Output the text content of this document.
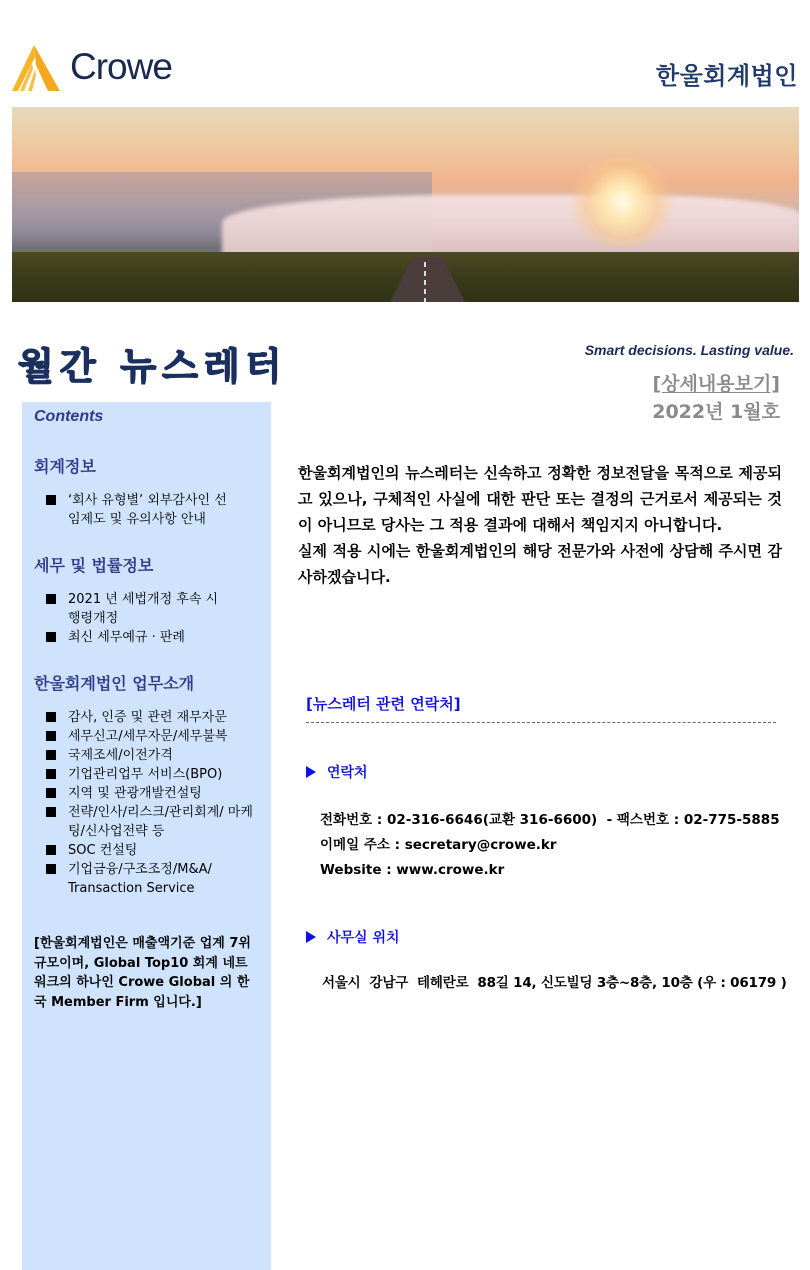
Crowe	한울회계법인
월간 뉴스레터	Smart decisions. Lasting value.
[상세내용보기]
2022년 1월호
Contents
회계정보
‘회사 유형별’ 외부감사인 선임제도 및 유의사항 안내
세무 및 법률정보
2021 년 세법개정 후속 시행령개정
최신 세무예규 · 판례
한울회계법인 업무소개
감사, 인증 및 관련 재무자문
세무신고/세무자문/세무불복
국제조세/이전가격
기업관리업무 서비스(BPO)
지역 및 관광개발컨설팅
전략/인사/리스크/관리회계/ 마케팅/신사업전략 등
SOC 컨설팅
기업금융/구조조정/M&A/ Transaction Service
[한울회계법인은 매출액기준 업계 7위 규모이며, Global Top10 회계 네트워크의 하나인 Crowe Global 의 한국 Member Firm 입니다.]

한울회계법인의 뉴스레터는 신속하고 정확한 정보전달을 목적으로 제공되고 있으나, 구체적인 사실에 대한 판단 또는 결정의 근거로서 제공되는 것이 아니므로 당사는 그 적용 결과에 대해서 책임지지 아니합니다.

실제 적용 시에는 한울회계법인의 해당 전문가와 사전에 상담해 주시면 감사하겠습니다.

[뉴스레터 관련 연락처]
연락처
전화번호 : 02-316-6646(교환 316-6600)  - 팩스번호 : 02-775-5885
이메일 주소 : secretary@crowe.kr
Website : www.crowe.kr
사무실 위치
서울시  강남구  테헤란로  88길 14, 신도빌딩 3층~8층, 10층 (우 : 06179 )
